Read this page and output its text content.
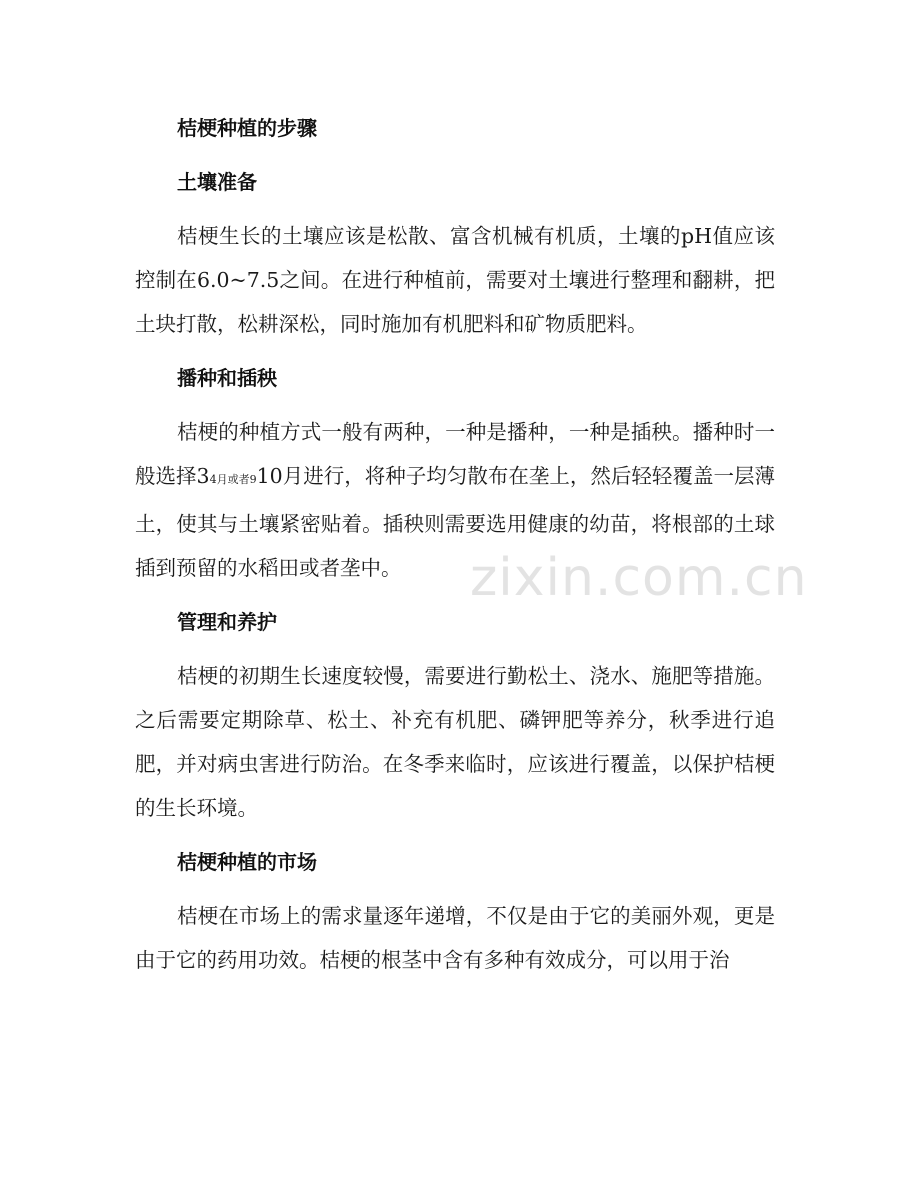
zixin.com.cn
桔梗种植的步骤
土壤准备

桔梗生长的土壤应该是松散、富含机械有机质，土壤的pH值应该控制在6.0~7.5之间。在进行种植前，需要对土壤进行整理和翻耕，把土块打散，松耕深松，同时施加有机肥料和矿物质肥料。

播种和插秧

桔梗的种植方式一般有两种，一种是播种，一种是插秧。播种时一般选择34月或者910月进行，将种子均匀散布在垄上，然后轻轻覆盖一层薄土，使其与土壤紧密贴着。插秧则需要选用健康的幼苗，将根部的土球插到预留的水稻田或者垄中。

管理和养护

桔梗的初期生长速度较慢，需要进行勤松土、浇水、施肥等措施。之后需要定期除草、松土、补充有机肥、磷钾肥等养分，秋季进行追肥，并对病虫害进行防治。在冬季来临时，应该进行覆盖，以保护桔梗的生长环境。

桔梗种植的市场

桔梗在市场上的需求量逐年递增，不仅是由于它的美丽外观，更是由于它的药用功效。桔梗的根茎中含有多种有效成分，可以用于治
